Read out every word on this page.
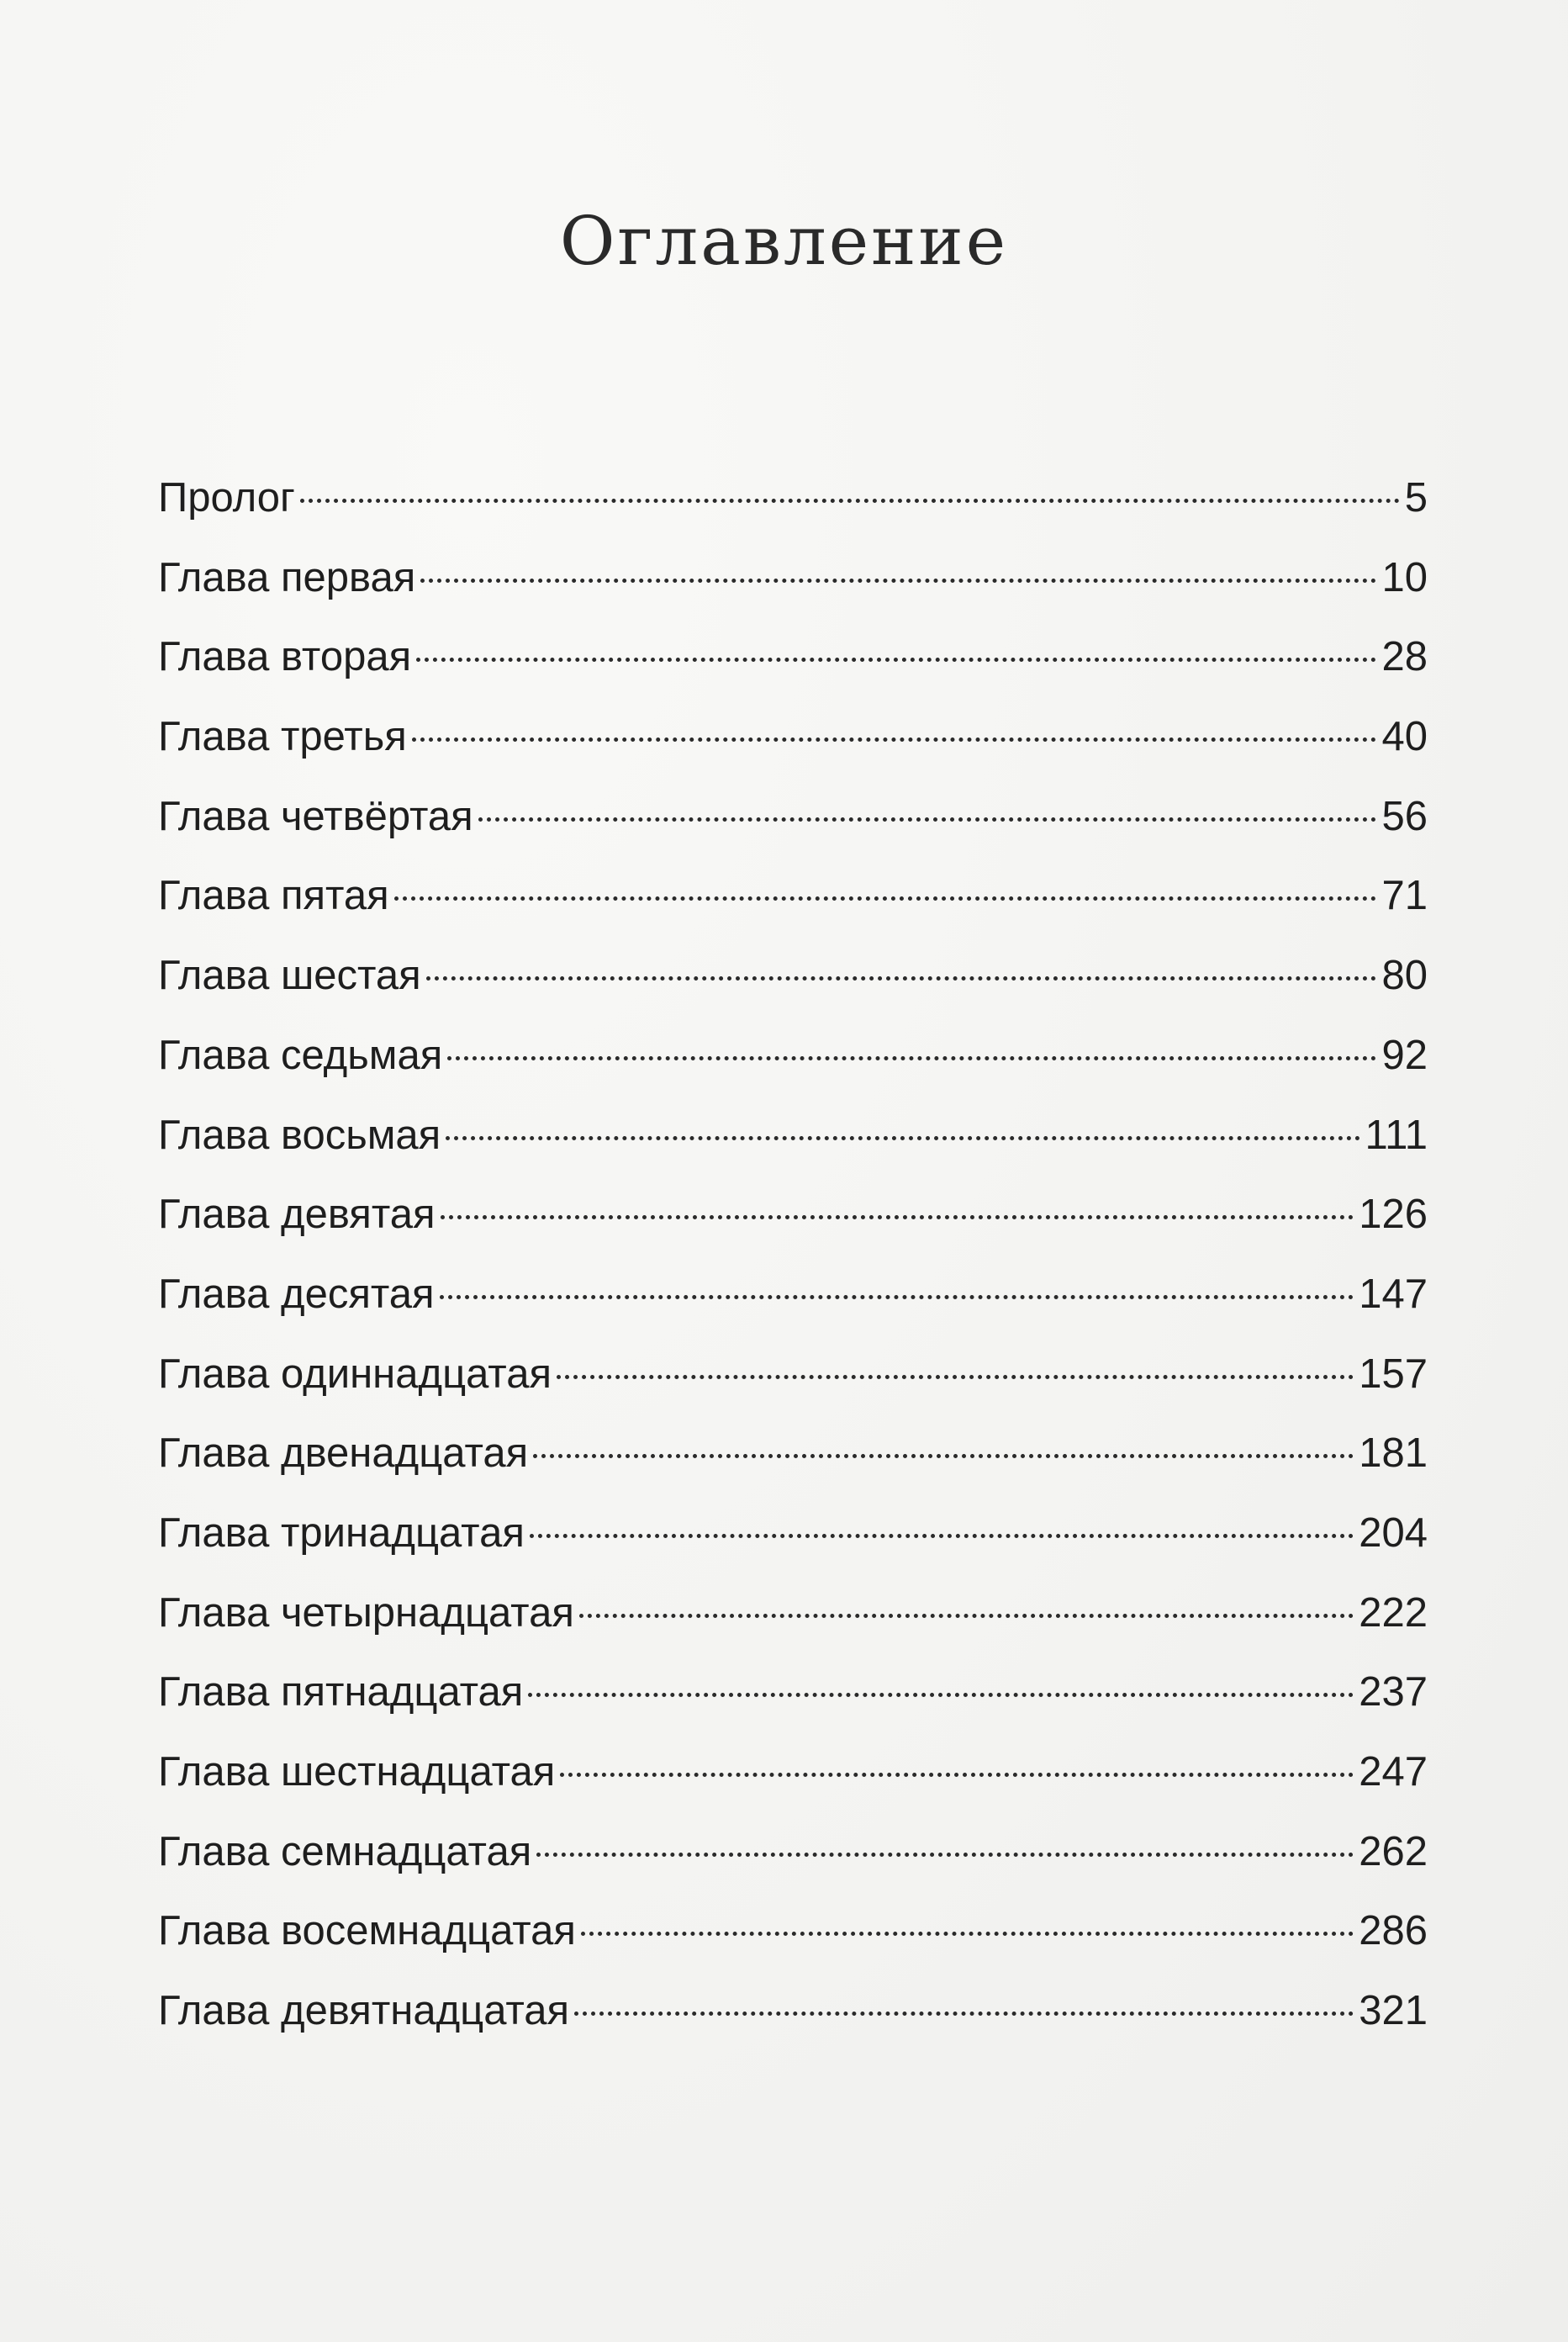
Оглавление
Пролог	5
Глава первая	10
Глава вторая	28
Глава третья	40
Глава четвёртая	56
Глава пятая	71
Глава шестая	80
Глава седьмая	92
Глава восьмая	111
Глава девятая	126
Глава десятая	147
Глава одиннадцатая	157
Глава двенадцатая	181
Глава тринадцатая	204
Глава четырнадцатая	222
Глава пятнадцатая	237
Глава шестнадцатая	247
Глава семнадцатая	262
Глава восемнадцатая	286
Глава девятнадцатая	321
